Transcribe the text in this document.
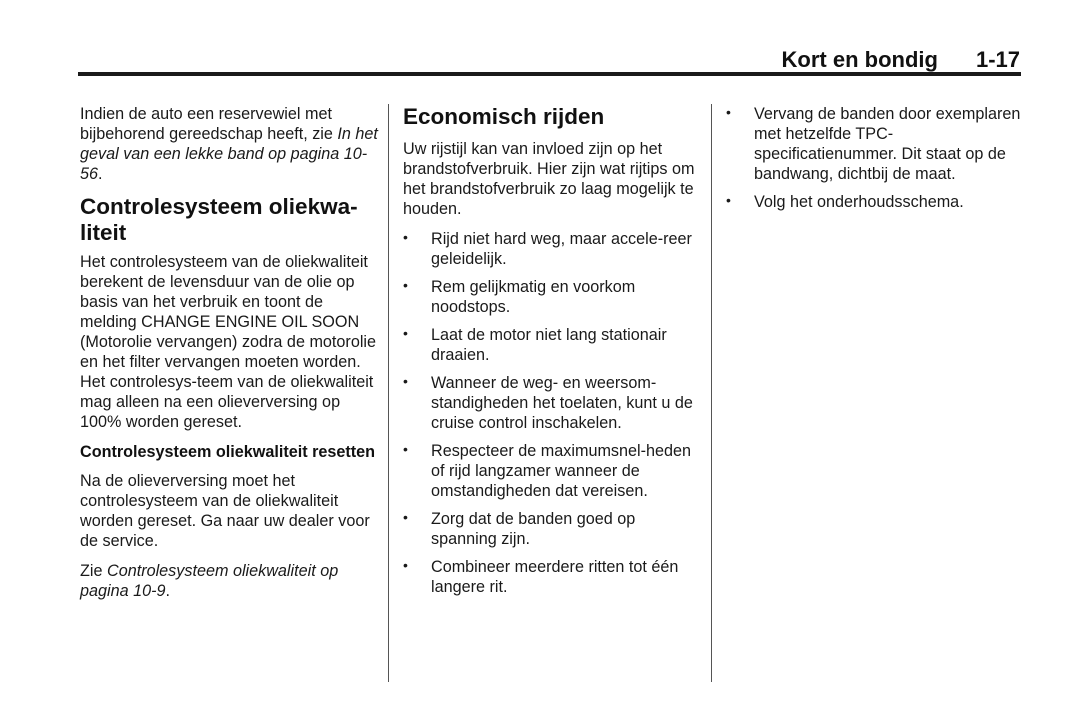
Kort en bondig 1-17

Indien de auto een reservewiel met bijbehorend gereedschap heeft, zie In het geval van een lekke band op pagina 10-56.

Controlesysteem oliekwa-liteit

Het controlesysteem van de oliekwaliteit berekent de levensduur van de olie op basis van het verbruik en toont de melding CHANGE ENGINE OIL SOON (Motorolie vervangen) zodra de motorolie en het filter vervangen moeten worden. Het controlesys-teem van de oliekwaliteit mag alleen na een olieverversing op 100% worden gereset.

Controlesysteem oliekwaliteit resetten

Na de olieverversing moet het controlesysteem van de oliekwaliteit worden gereset. Ga naar uw dealer voor de service.

Zie Controlesysteem oliekwaliteit op pagina 10-9.

Economisch rijden

Uw rijstijl kan van invloed zijn op het brandstofverbruik. Hier zijn wat rijtips om het brandstofverbruik zo laag mogelijk te houden.

• Rijd niet hard weg, maar accele-reer geleidelijk.
• Rem gelijkmatig en voorkom noodstops.
• Laat de motor niet lang stationair draaien.
• Wanneer de weg- en weersom-standigheden het toelaten, kunt u de cruise control inschakelen.
• Respecteer de maximumsnel-heden of rijd langzamer wanneer de omstandigheden dat vereisen.
• Zorg dat de banden goed op spanning zijn.
• Combineer meerdere ritten tot één langere rit.
• Vervang de banden door exemplaren met hetzelfde TPC-specificatienummer. Dit staat op de bandwang, dichtbij de maat.
• Volg het onderhoudsschema.
